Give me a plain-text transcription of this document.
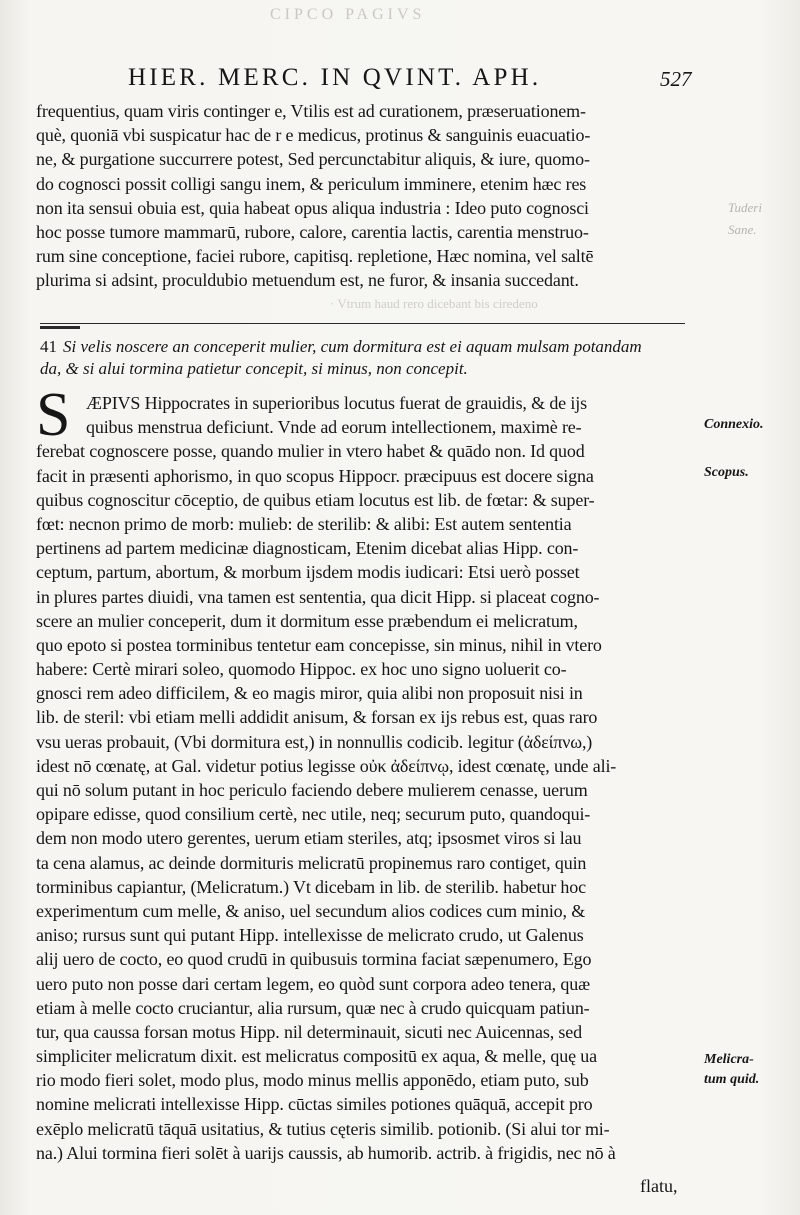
CIPCO PAGIVS
HIER. MERC. IN QVINT. APH.	527
frequentius, quam viris continger e, Vtilis est ad curationem, præseruationem-
què, quoniā vbi suspicatur hac de r e medicus, protinus & sanguinis euacuatio-
ne, & purgatione succurrere potest, Sed percunctabitur aliquis, & iure, quomo-
do cognosci possit colligi sangu inem, & periculum imminere, etenim hæc res
non ita sensui obuia est, quia habeat opus aliqua industria : Ideo puto cognosci
hoc posse tumore mammarū, rubore, calore, carentia lactis, carentia menstruo-
rum sine conceptione, faciei rubore, capitisq. repletione, Hæc nomina, vel saltē
plurima si adsint, proculdubio metuendum est, ne furor, & insania succedant.
Tuderi
Sane.
· Vtrum haud rero dicebant bis ciredeno
41 Si velis noscere an conceperit mulier, cum dormitura est ei aquam mulsam potandam
da, & si alui tormina patietur concepit, si minus, non concepit.
S ÆPIVS Hippocrates in superioribus locutus fuerat de grauidis, & de ijs
quibus menstrua deficiunt. Vnde ad eorum intellectionem, maximè re-
ferebat cognoscere posse, quando mulier in vtero habet & quādo non. Id quod
facit in præsenti aphorismo, in quo scopus Hippocr. præcipuus est docere signa
quibus cognoscitur cōceptio, de quibus etiam locutus est lib. de fœtar: & super-
fœt: necnon primo de morb: mulieb: de sterilib: & alibi: Est autem sententia
pertinens ad partem medicinæ diagnosticam, Etenim dicebat alias Hipp. con-
ceptum, partum, abortum, & morbum ijsdem modis iudicari: Etsi uerò posset
in plures partes diuidi, vna tamen est sententia, qua dicit Hipp. si placeat cogno-
scere an mulier conceperit, dum it dormitum esse præbendum ei melicratum,
quo epoto si postea torminibus tentetur eam concepisse, sin minus, nihil in vtero
habere: Certè mirari soleo, quomodo Hippoc. ex hoc uno signo uoluerit co-
gnosci rem adeo difficilem, & eo magis miror, quia alibi non proposuit nisi in
lib. de steril: vbi etiam melli addidit anisum, & forsan ex ijs rebus est, quas raro
vsu ueras probauit, (Vbi dormitura est,) in nonnullis codicib. legitur (ἀδείπνω,)
idest nō cœnatę, at Gal. videtur potius legisse οὐκ ἀδείπνῳ, idest cœnatę, unde ali-
qui nō solum putant in hoc periculo faciendo debere mulierem cenasse, uerum
opipare edisse, quod consilium certè, nec utile, neq; securum puto, quandoqui-
dem non modo utero gerentes, uerum etiam steriles, atq; ipsosmet viros si lau
ta cena alamus, ac deinde dormituris melicratū propinemus raro contiget, quin
torminibus capiantur, (Melicratum.) Vt dicebam in lib. de sterilib. habetur hoc
experimentum cum melle, & aniso, uel secundum alios codices cum minio, &
aniso; rursus sunt qui putant Hipp. intellexisse de melicrato crudo, ut Galenus
alij uero de cocto, eo quod crudū in quibusuis tormina faciat sæpenumero, Ego
uero puto non posse dari certam legem, eo quòd sunt corpora adeo tenera, quæ
etiam à melle cocto cruciantur, alia rursum, quæ nec à crudo quicquam patiun-
tur, qua caussa forsan motus Hipp. nil determinauit, sicuti nec Auicennas, sed
simpliciter melicratum dixit. est melicratus compositū ex aqua, & melle, quę ua
rio modo fieri solet, modo plus, modo minus mellis apponēdo, etiam puto, sub
nomine melicrati intellexisse Hipp. cūctas similes potiones quāquā, accepit pro
exēplo melicratū tāquā usitatius, & tutius cęteris similib. potionib. (Si alui tor mi-
na.) Alui tormina fieri solēt à uarijs caussis, ab humorib. actrib. à frigidis, nec nō à
Connexio.
Scopus.
Melicra-
tum quid.
flatu,
